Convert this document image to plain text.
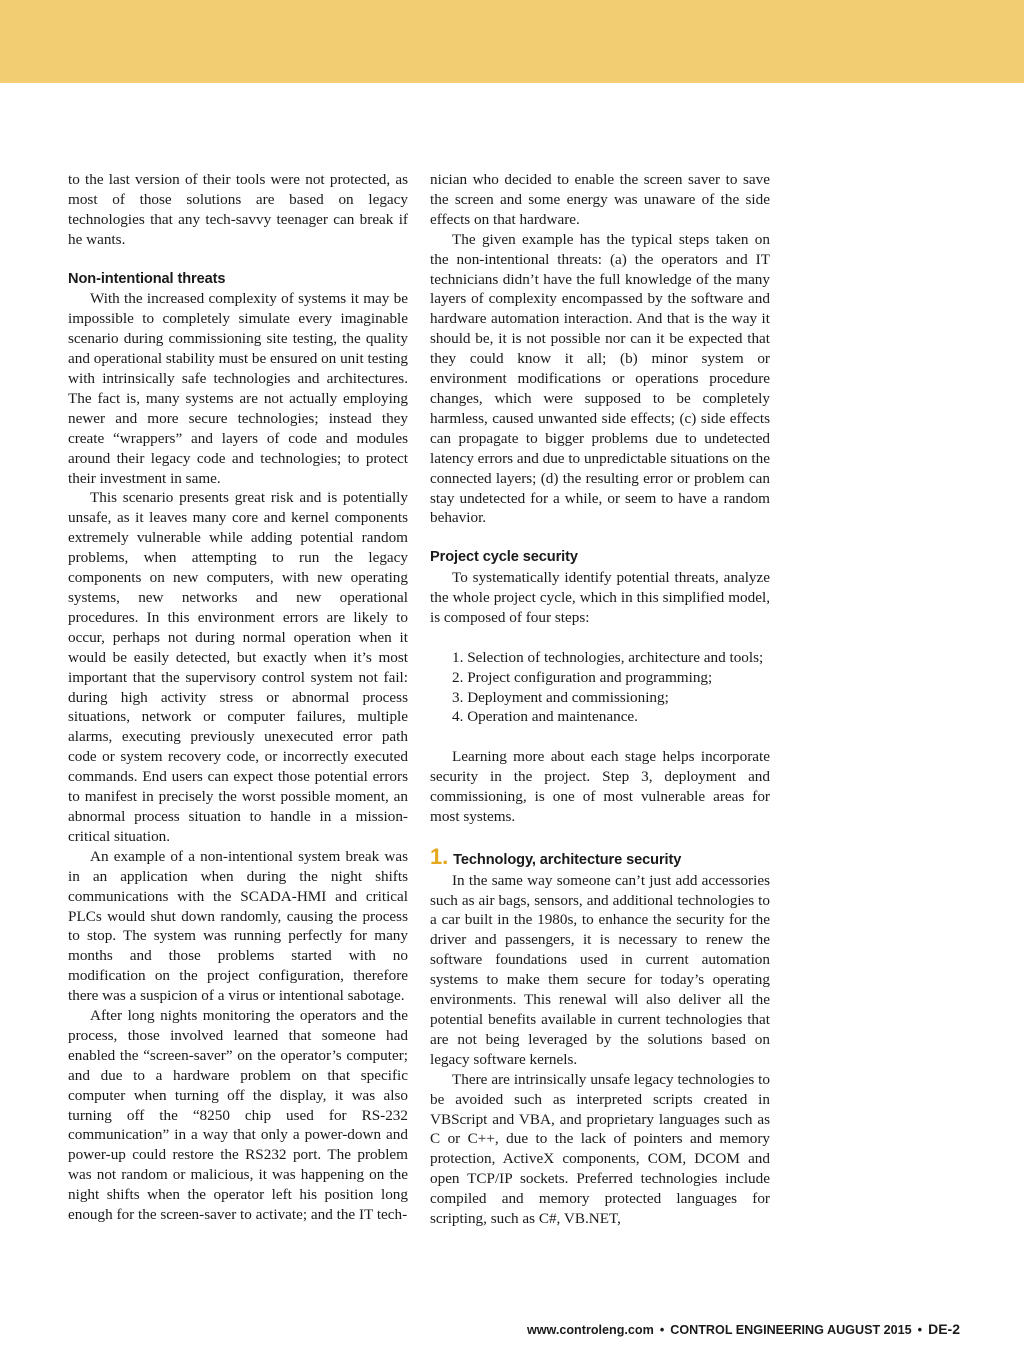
to the last version of their tools were not protected, as most of those solutions are based on legacy technologies that any tech-savvy teenager can break if he wants.

Non-intentional threats

With the increased complexity of systems it may be impossible to completely simulate every imaginable scenario during commissioning site testing, the quality and operational stability must be ensured on unit testing with intrinsically safe technologies and architectures. The fact is, many systems are not actually employing newer and more secure technologies; instead they create “wrappers” and layers of code and modules around their legacy code and technologies; to protect their investment in same.

This scenario presents great risk and is potentially unsafe, as it leaves many core and kernel components extremely vulnerable while adding potential random problems, when attempting to run the legacy components on new computers, with new operating systems, new networks and new operational procedures. In this environment errors are likely to occur, perhaps not during normal operation when it would be easily detected, but exactly when it’s most important that the supervisory control system not fail: during high activity stress or abnormal process situations, network or computer failures, multiple alarms, executing previously unexecuted error path code or system recovery code, or incorrectly executed commands. End users can expect those potential errors to manifest in precisely the worst possible moment, an abnormal process situation to handle in a mission-critical situation.

An example of a non-intentional system break was in an application when during the night shifts communications with the SCADA-HMI and critical PLCs would shut down randomly, causing the process to stop. The system was running perfectly for many months and those problems started with no modification on the project configuration, therefore there was a suspicion of a virus or intentional sabotage.

After long nights monitoring the operators and the process, those involved learned that someone had enabled the “screen-saver” on the operator’s computer; and due to a hardware problem on that specific computer when turning off the display, it was also turning off the “8250 chip used for RS-232 communication” in a way that only a power-down and power-up could restore the RS232 port. The problem was not random or malicious, it was happening on the night shifts when the operator left his position long enough for the screen-saver to activate; and the IT tech-

nician who decided to enable the screen saver to save the screen and some energy was unaware of the side effects on that hardware.

The given example has the typical steps taken on the non-intentional threats: (a) the operators and IT technicians didn’t have the full knowledge of the many layers of complexity encompassed by the software and hardware automation interaction. And that is the way it should be, it is not possible nor can it be expected that they could know it all; (b) minor system or environment modifications or operations procedure changes, which were supposed to be completely harmless, caused unwanted side effects; (c) side effects can propagate to bigger problems due to undetected latency errors and due to unpredictable situations on the connected layers; (d) the resulting error or problem can stay undetected for a while, or seem to have a random behavior.

Project cycle security

To systematically identify potential threats, analyze the whole project cycle, which in this simplified model, is composed of four steps:

1. Selection of technologies, architecture and tools;
2. Project configuration and programming;
3. Deployment and commissioning;
4. Operation and maintenance.

Learning more about each stage helps incorporate security in the project. Step 3, deployment and commissioning, is one of most vulnerable areas for most systems.

1. Technology, architecture security

In the same way someone can’t just add accessories such as air bags, sensors, and additional technologies to a car built in the 1980s, to enhance the security for the driver and passengers, it is necessary to renew the software foundations used in current automation systems to make them secure for today’s operating environments. This renewal will also deliver all the potential benefits available in current technologies that are not being leveraged by the solutions based on legacy software kernels.

There are intrinsically unsafe legacy technologies to be avoided such as interpreted scripts created in VBScript and VBA, and proprietary languages such as C or C++, due to the lack of pointers and memory protection, ActiveX components, COM, DCOM and open TCP/IP sockets. Preferred technologies include compiled and memory protected languages for scripting, such as C#, VB.NET,

www.controleng.com • CONTROL ENGINEERING AUGUST 2015 • DE-2
